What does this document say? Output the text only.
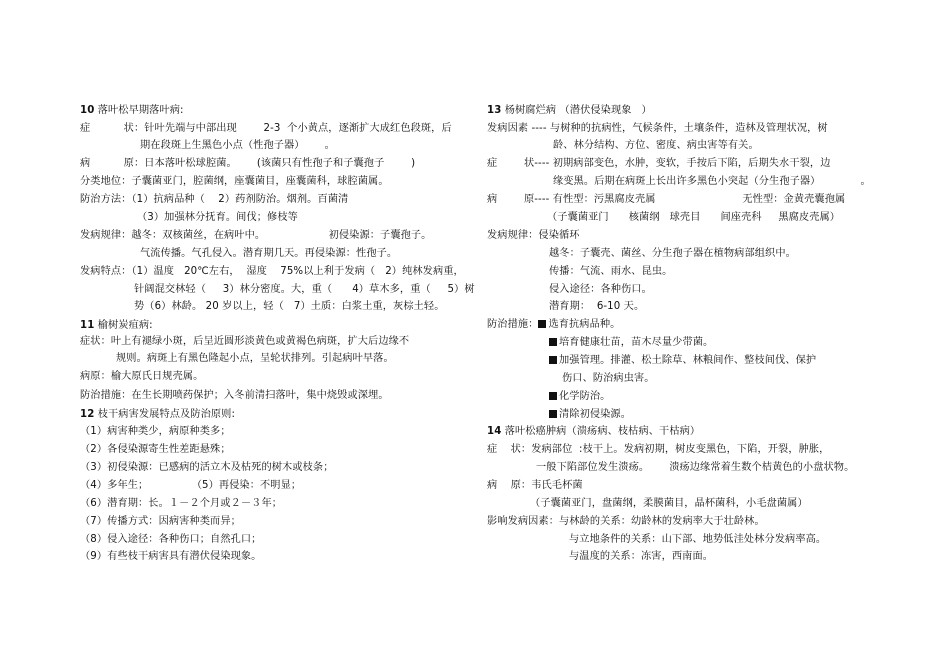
10 落叶松早期落叶病:
症          状：针叶先端与中部出现        2-3  个小黄点，逐渐扩大成红色段斑，后
期在段斑上生黑色小点（性孢子器）      。
病          原：日本落叶松球腔菌。      (该菌只有性孢子和子囊孢子        )
分类地位：子囊菌亚门，腔菌纲，座囊菌目，座囊菌科，球腔菌属。
防治方法：（1）抗病品种（    2）药剂防治。烟剂。百菌清
（3）加强林分抚育。间伐；修枝等
发病规律：越冬：双核菌丝，在病叶中。                   初侵染源：子囊孢子。
气流传播。气孔侵入。潜育期几天。再侵染源：性孢子。
发病特点：（1）温度   20℃左右，  湿度    75%以上利于发病（   2）纯林发病重，
针阔混交林轻（     3）林分密度。大，重（      4）草木多，重（     5）树
势（6）林龄。 20 岁以上，轻（   7）土质：白浆土重，灰棕土轻。
11 榆树炭疽病:
症状：叶上有褪绿小斑，后呈近圆形淡黄色或黄褐色病斑，扩大后边缘不
规则。病斑上有黑色隆起小点，呈轮状排列。引起病叶早落。
病原：榆大原氏日规壳属。
防治措施：在生长期喷药保护；入冬前清扫落叶，集中烧毁或深埋。
12 枝干病害发展特点及防治原则:
（1）病害种类少，病原种类多；
（2）各侵染源寄生性差距悬殊；
（3）初侵染源：已感病的活立木及枯死的树木或枝条；
（4）多年生；             （5）再侵染：不明显；
（6）潜育期：长。１－２个月或２－３年；
（7）传播方式：因病害种类而异；
（8）侵入途径：各种伤口；自然孔口；
（9）有些枝干病害具有潜伏侵染现象。
13 杨树腐烂病 （潜伏侵染现象   ）
发病因素 ---- 与树种的抗病性，气候条件，土壤条件，造林及管理状况，树
龄、林分结构、方位、密度、病虫害等有关。
症        状---- 初期病部变色，水肿，变软，手按后下陷，后期失水干裂，边
缘变黑。后期在病斑上长出许多黑色小突起（分生孢子器）            。
病        原---- 有性型：污黑腐皮壳属                          无性型：金黄壳囊孢属
（子囊菌亚门      核菌纲   球壳目      间座壳科     黑腐皮壳属）
发病规律：侵染循环
越冬：子囊壳、菌丝、分生孢子器在植物病部组织中。
传播：气流、雨水、昆虫。
侵入途径：各种伤口。
潜育期：  6-10 天。
防治措施： 选育抗病品种。
培育健康壮苗，苗木尽量少带菌。
加强管理。排灌、松土除草、林粮间作、整枝间伐、保护
伤口、防治病虫害。
化学防治。
清除初侵染源。
14 落叶松癌肿病（溃疡病、枝枯病、干枯病）
症    状：发病部位  :枝干上。发病初期，树皮变黑色，下陷，开裂，肿胀，
一般下陷部位发生溃疡。      溃疡边缘常着生数个桔黄色的小盘状物。
病    原：韦氏毛杯菌
（子囊菌亚门，盘菌纲，柔膜菌目，晶杯菌科，小毛盘菌属）
影响发病因素：与林龄的关系：幼龄林的发病率大于壮龄林。
与立地条件的关系：山下部、地势低洼处林分发病率高。
与温度的关系：冻害，西南面。
